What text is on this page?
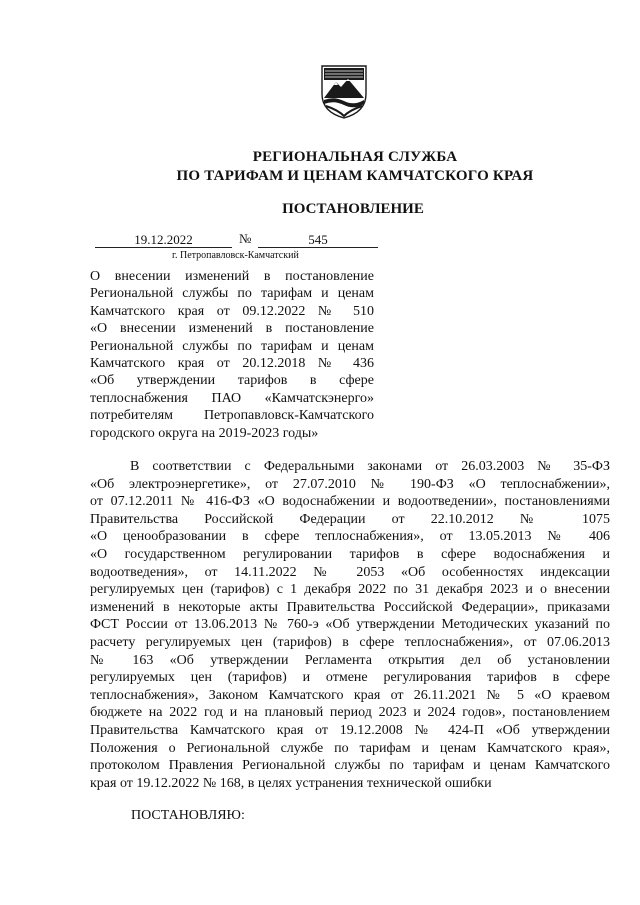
РЕГИОНАЛЬНАЯ СЛУЖБА
ПО ТАРИФАМ И ЦЕНАМ КАМЧАТСКОГО КРАЯ
ПОСТАНОВЛЕНИЕ
19.12.2022	№	545
г. Петропавловск-Камчатский
О внесении изменений в постановление
Региональной службы по тарифам и ценам
Камчатского края от 09.12.2022 № 510
«О внесении изменений в постановление
Региональной службы по тарифам и ценам
Камчатского края от 20.12.2018 № 436
«Об утверждении тарифов в сфере
теплоснабжения ПАО «Камчатскэнерго»
потребителям Петропавловск-Камчатского
городского округа на 2019-2023 годы»
В соответствии с Федеральными законами от 26.03.2003 № 35-ФЗ
«Об электроэнергетике», от 27.07.2010 № 190-ФЗ «О теплоснабжении»,
от 07.12.2011 № 416-ФЗ «О водоснабжении и водоотведении», постановлениями
Правительства Российской Федерации от 22.10.2012 № 1075
«О ценообразовании в сфере теплоснабжения», от 13.05.2013 № 406
«О государственном регулировании тарифов в сфере водоснабжения и
водоотведения», от 14.11.2022 № 2053 «Об особенностях индексации
регулируемых цен (тарифов) с 1 декабря 2022 по 31 декабря 2023 и о внесении
изменений в некоторые акты Правительства Российской Федерации», приказами
ФСТ России от 13.06.2013 № 760-э «Об утверждении Методических указаний по
расчету регулируемых цен (тарифов) в сфере теплоснабжения», от 07.06.2013
№ 163 «Об утверждении Регламента открытия дел об установлении
регулируемых цен (тарифов) и отмене регулирования тарифов в сфере
теплоснабжения», Законом Камчатского края от 26.11.2021 № 5 «О краевом
бюджете на 2022 год и на плановый период 2023 и 2024 годов», постановлением
Правительства Камчатского края от 19.12.2008 № 424-П «Об утверждении
Положения о Региональной службе по тарифам и ценам Камчатского края»,
протоколом Правления Региональной службы по тарифам и ценам Камчатского
края от 19.12.2022 № 168, в целях устранения технической ошибки
ПОСТАНОВЛЯЮ:
